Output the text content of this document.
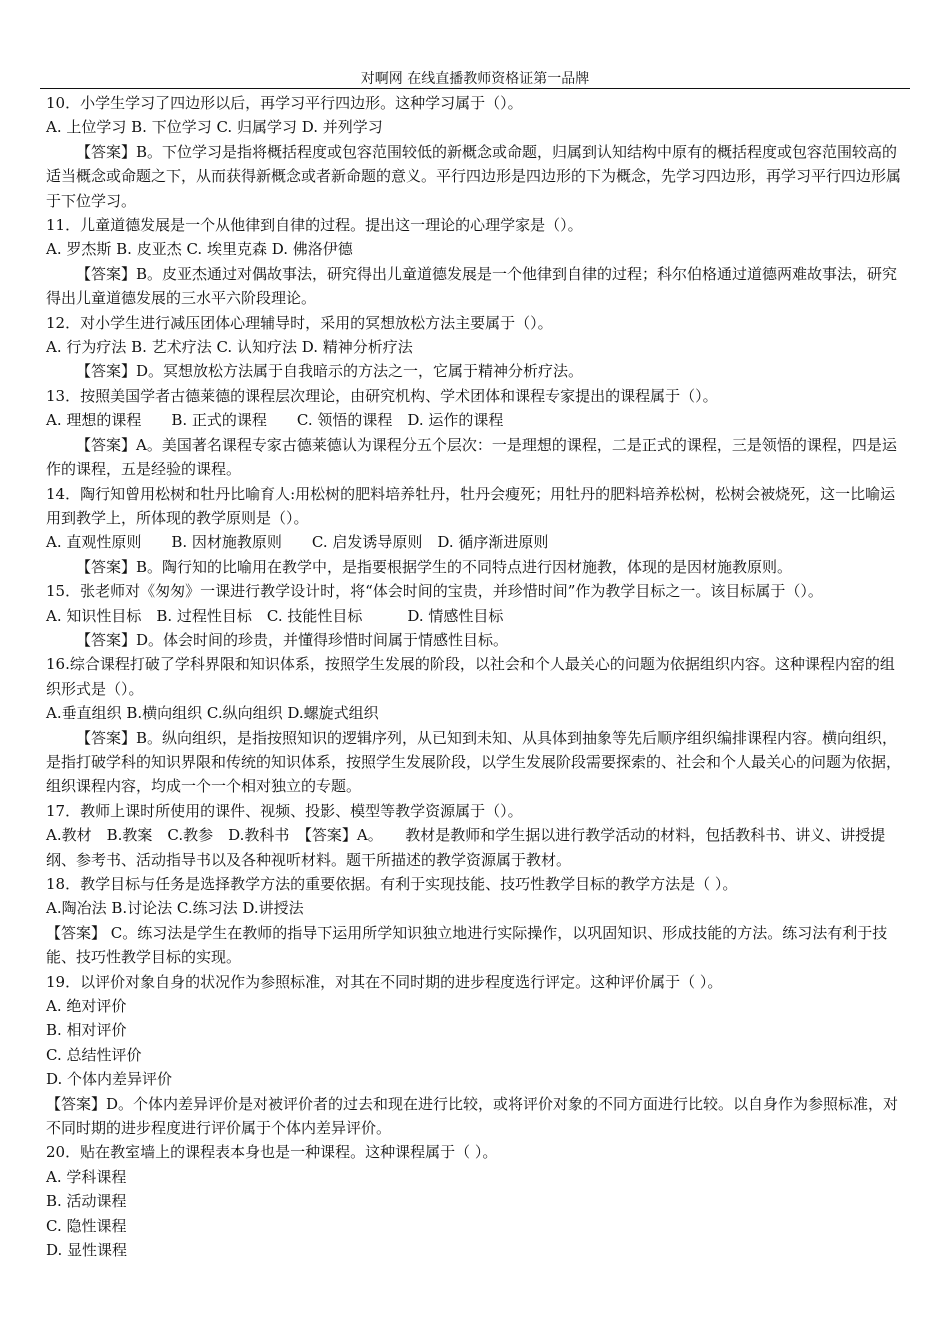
对啊网 在线直播教师资格证第一品牌

10．小学生学习了四边形以后，再学习平行四边形。这种学习属于（）。

A. 上位学习 B. 下位学习 C. 归属学习 D. 并列学习

【答案】B。下位学习是指将概括程度或包容范围较低的新概念或命题，归属到认知结构中原有的概括程度或包容范围较高的适当概念或命题之下，从而获得新概念或者新命题的意义。平行四边形是四边形的下为概念，先学习四边形，再学习平行四边形属于下位学习。

11．儿童道德发展是一个从他律到自律的过程。提出这一理论的心理学家是（）。

A. 罗杰斯 B. 皮亚杰 C. 埃里克森 D. 佛洛伊德

【答案】B。皮亚杰通过对偶故事法，研究得出儿童道德发展是一个他律到自律的过程；科尔伯格通过道德两难故事法，研究得出儿童道德发展的三水平六阶段理论。

12．对小学生进行减压团体心理辅导时，采用的冥想放松方法主要属于（）。

A. 行为疗法 B. 艺术疗法 C. 认知疗法 D. 精神分析疗法

【答案】D。冥想放松方法属于自我暗示的方法之一，它属于精神分析疗法。

13．按照美国学者古德莱德的课程层次理论，由研究机构、学术团体和课程专家提出的课程属于（）。

A. 理想的课程　　B. 正式的课程　　C. 领悟的课程　D. 运作的课程

【答案】A。美国著名课程专家古德莱德认为课程分五个层次：一是理想的课程，二是正式的课程，三是领悟的课程，四是运作的课程，五是经验的课程。

14．陶行知曾用松树和牡丹比喻育人:用松树的肥料培养牡丹，牡丹会瘦死；用牡丹的肥料培养松树，松树会被烧死，这一比喻运用到教学上，所体现的教学原则是（）。

A. 直观性原则　　B. 因材施教原则　　C. 启发诱导原则　D. 循序渐进原则

【答案】B。陶行知的比喻用在教学中，是指要根据学生的不同特点进行因材施教，体现的是因材施教原则。

15．张老师对《匆匆》一课进行教学设计时，将“体会时间的宝贵，并珍惜时间”作为教学目标之一。该目标属于（）。

A. 知识性目标　B. 过程性目标　C. 技能性目标　　　D. 情感性目标

【答案】D。体会时间的珍贵，并懂得珍惜时间属于情感性目标。

16.综合课程打破了学科界限和知识体系，按照学生发展的阶段，以社会和个人最关心的问题为依据组织内容。这种课程内窑的组织形式是（）。

A.垂直组织 B.横向组织 C.纵向组织 D.螺旋式组织

【答案】B。纵向组织，是指按照知识的逻辑序列，从已知到未知、从具体到抽象等先后顺序组织编排课程内容。横向组织，是指打破学科的知识界限和传统的知识体系，按照学生发展阶段，以学生发展阶段需要探索的、社会和个人最关心的问题为依据，组织课程内容，均成一个一个相对独立的专题。

17．教师上课时所使用的课件、视频、投影、模型等教学资源属于（）。

A.教材　B.教案　C.教参　D.教科书　【答案】A。　　教材是教师和学生据以进行教学活动的材料，包括教科书、讲义、讲授提纲、参考书、活动指导书以及各种视听材料。题干所描述的教学资源属于教材。

18．教学目标与任务是选择教学方法的重要依据。有利于实现技能、技巧性教学目标的教学方法是（ ）。

A.陶冶法 B.讨论法 C.练习法 D.讲授法

【答案】 C。练习法是学生在教师的指导下运用所学知识独立地进行实际操作，以巩固知识、形成技能的方法。练习法有利于技能、技巧性教学目标的实现。

19．以评价对象自身的状况作为参照标准，对其在不同时期的进步程度选行评定。这种评价属于（ ）。

A. 绝对评价

B. 相对评价

C. 总结性评价

D. 个体内差异评价

【答案】D。个体内差异评价是对被评价者的过去和现在进行比较，或将评价对象的不同方面进行比较。以自身作为参照标准，对不同时期的进步程度进行评价属于个体内差异评价。

20．贴在教室墙上的课程表本身也是一种课程。这种课程属于（ ）。

A. 学科课程

B. 活动课程

C. 隐性课程

D. 显性课程
